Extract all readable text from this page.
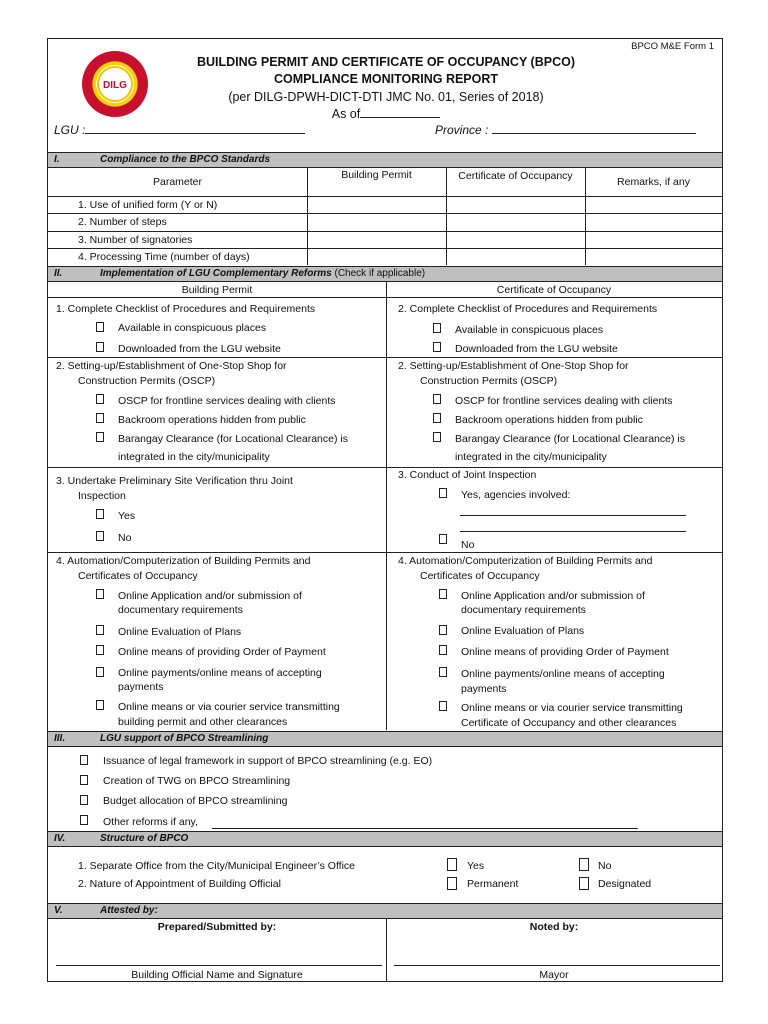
BPCO M&E Form 1
DILG
BUILDING PERMIT AND CERTIFICATE OF OCCUPANCY (BPCO)
COMPLIANCE MONITORING REPORT
(per DILG-DPWH-DICT-DTI JMC No. 01, Series of 2018)
As of
LGU :	Province :
I.	Compliance to the BPCO Standards
Parameter
Building Permit	Certificate of Occupancy	Remarks, if any
1. Use of unified form (Y or N)
2. Number of steps
3. Number of signatories
4. Processing Time (number of days)
II.	Implementation of LGU Complementary Reforms (Check if applicable)
Building Permit	Certificate of Occupancy
1. Complete Checklist of Procedures and Requirements
Available in conspicuous places
Downloaded from the LGU website
2. Complete Checklist of Procedures and Requirements
Available in conspicuous places
Downloaded from the LGU website
2. Setting-up/Establishment of One-Stop Shop for
Construction Permits (OSCP)
OSCP for frontline services dealing with clients
Backroom operations hidden from public
Barangay Clearance (for Locational Clearance) is
integrated in the city/municipality
2. Setting-up/Establishment of One-Stop Shop for
Construction Permits (OSCP)
OSCP for frontline services dealing with clients
Backroom operations hidden from public
Barangay Clearance (for Locational Clearance) is
integrated in the city/municipality
3. Undertake Preliminary Site Verification thru Joint
Inspection
Yes
No
3. Conduct of Joint Inspection
Yes, agencies involved:
No
4. Automation/Computerization of Building Permits and
Certificates of Occupancy
Online Application and/or submission of
documentary requirements
Online Evaluation of Plans
Online means of providing Order of Payment
Online payments/online means of accepting
payments
Online means or via courier service transmitting
building permit and other clearances
4. Automation/Computerization of Building Permits and
Certificates of Occupancy
Online Application and/or submission of
documentary requirements
Online Evaluation of Plans
Online means of providing Order of Payment
Online payments/online means of accepting
payments
Online means or via courier service transmitting
Certificate of Occupancy and other clearances
III.	LGU support of BPCO Streamlining
Issuance of legal framework in support of BPCO streamlining (e.g. EO)
Creation of TWG on BPCO Streamlining
Budget allocation of BPCO streamlining
Other reforms if any,
IV.	Structure of BPCO
1. Separate Office from the City/Municipal Engineer’s Office	Yes	No
2. Nature of Appointment of Building Official	Permanent	Designated
V.	Attested by:
Prepared/Submitted by:	Noted by:
Building Official Name and Signature	Mayor
